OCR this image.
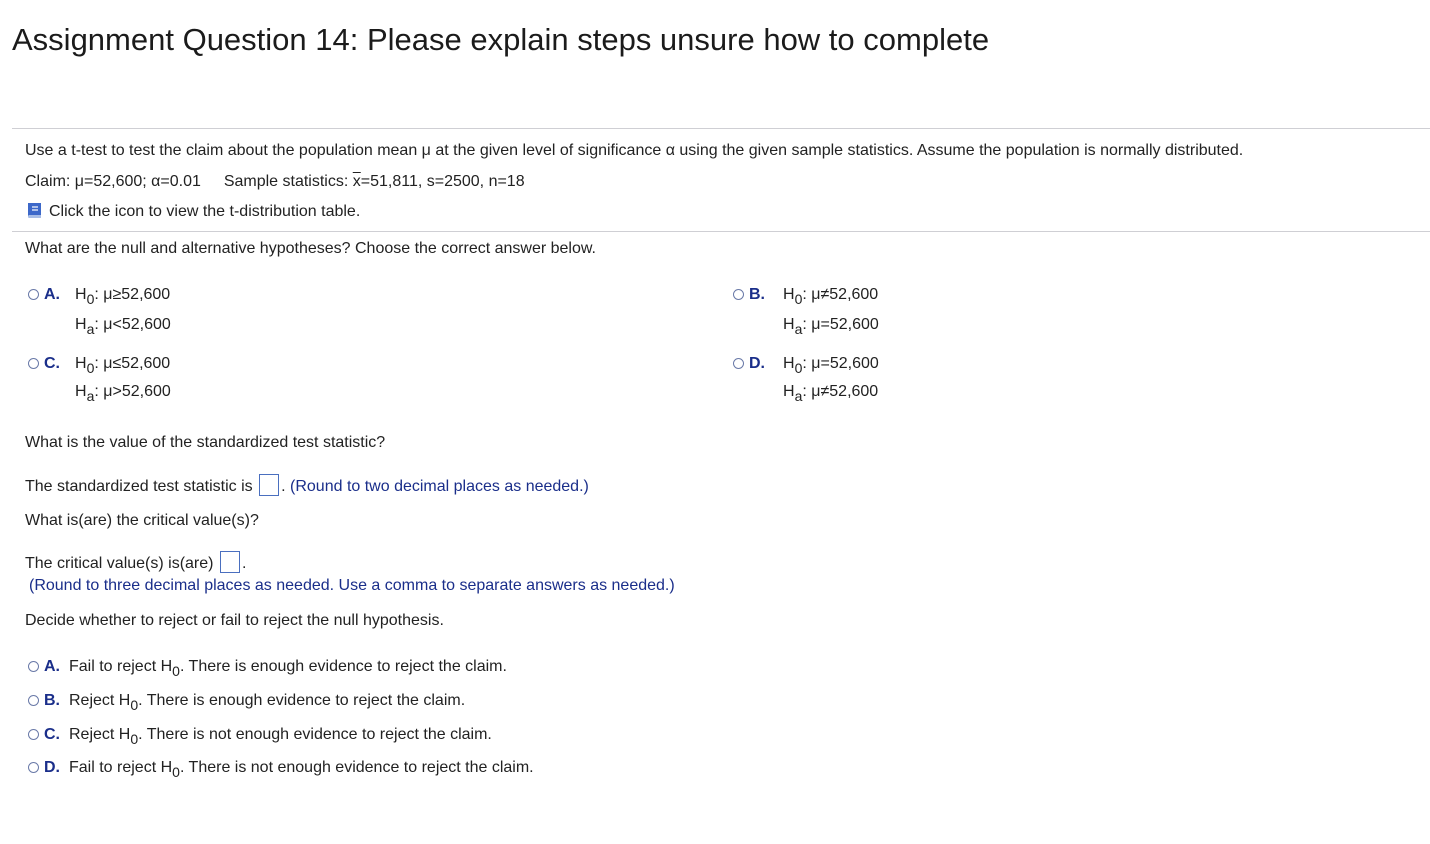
Assignment Question 14: Please explain steps unsure how to complete
Use a t-test to test the claim about the population mean μ at the given level of significance α using the given sample statistics. Assume the population is normally distributed.
Claim: μ=52,600; α=0.01 Sample statistics: $\overline{x}=51,811$, s=2500, n=18
Click the icon to view the t-distribution table.
What are the null and alternative hypotheses? Choose the correct answer below.
A. $H_0$: μ≥52,600
$H_a$: μ<52,600
B.	$H_0$: μ≠52,600
$H_a$: μ=52,600
C. $H_0$: μ≤52,600
$H_a$: μ>52,600
D.	$H_0$: μ=52,600
$H_a$: μ≠52,600
What is the value of the standardized test statistic?
The standardized test statistic is . (Round to two decimal places as needed.)
What is(are) the critical value(s)?
The critical value(s) is(are) .
(Round to three decimal places as needed. Use a comma to separate answers as needed.)
Decide whether to reject or fail to reject the null hypothesis.
A. Fail to reject $H_0$. There is enough evidence to reject the claim.
B. Reject $H_0$. There is enough evidence to reject the claim.
C. Reject $H_0$. There is not enough evidence to reject the claim.
D. Fail to reject $H_0$. There is not enough evidence to reject the claim.
